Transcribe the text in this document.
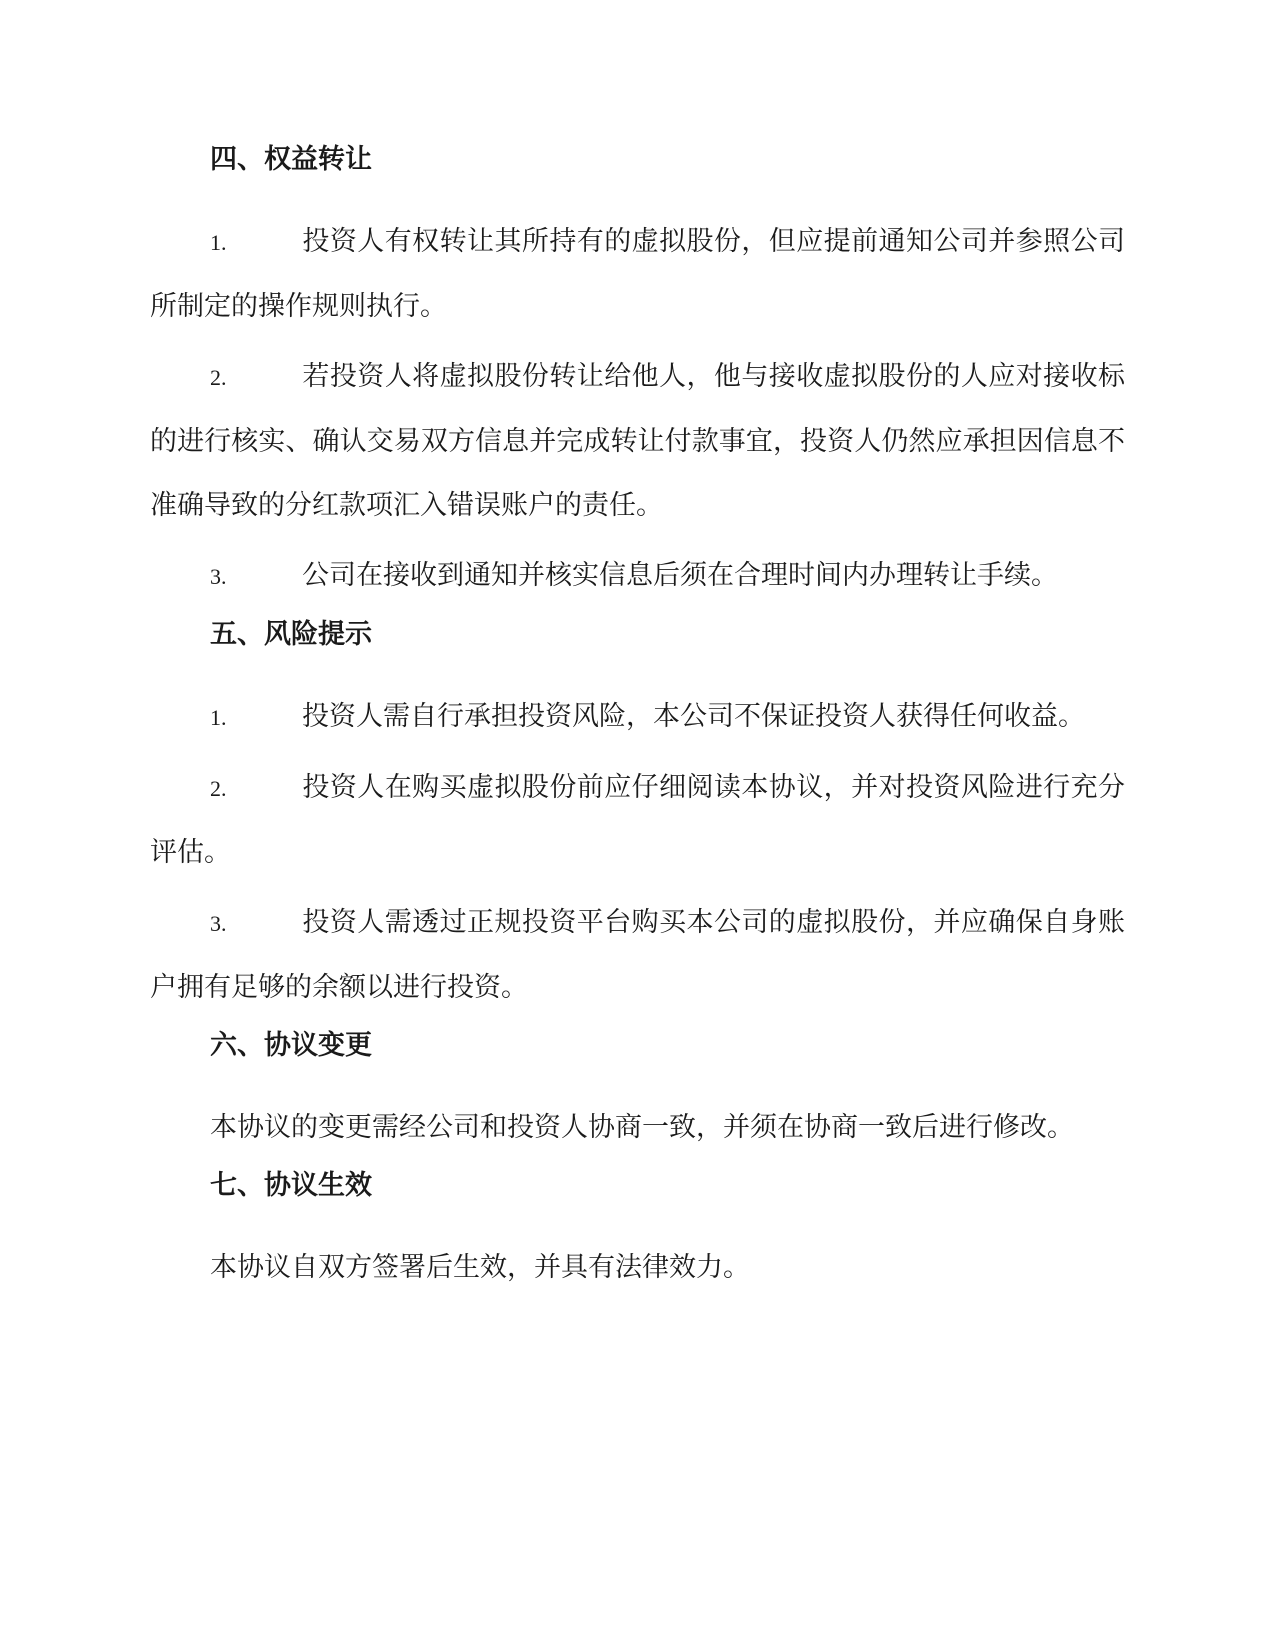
四、权益转让

1.	投资人有权转让其所持有的虚拟股份，但应提前通知公司并参照公司所制定的操作规则执行。

2.	若投资人将虚拟股份转让给他人，他与接收虚拟股份的人应对接收标的进行核实、确认交易双方信息并完成转让付款事宜，投资人仍然应承担因信息不准确导致的分红款项汇入错误账户的责任。

3.	公司在接收到通知并核实信息后须在合理时间内办理转让手续。

五、风险提示

1.	投资人需自行承担投资风险，本公司不保证投资人获得任何收益。

2.	投资人在购买虚拟股份前应仔细阅读本协议，并对投资风险进行充分评估。

3.	投资人需透过正规投资平台购买本公司的虚拟股份，并应确保自身账户拥有足够的余额以进行投资。

六、协议变更

本协议的变更需经公司和投资人协商一致，并须在协商一致后进行修改。

七、协议生效

本协议自双方签署后生效，并具有法律效力。
